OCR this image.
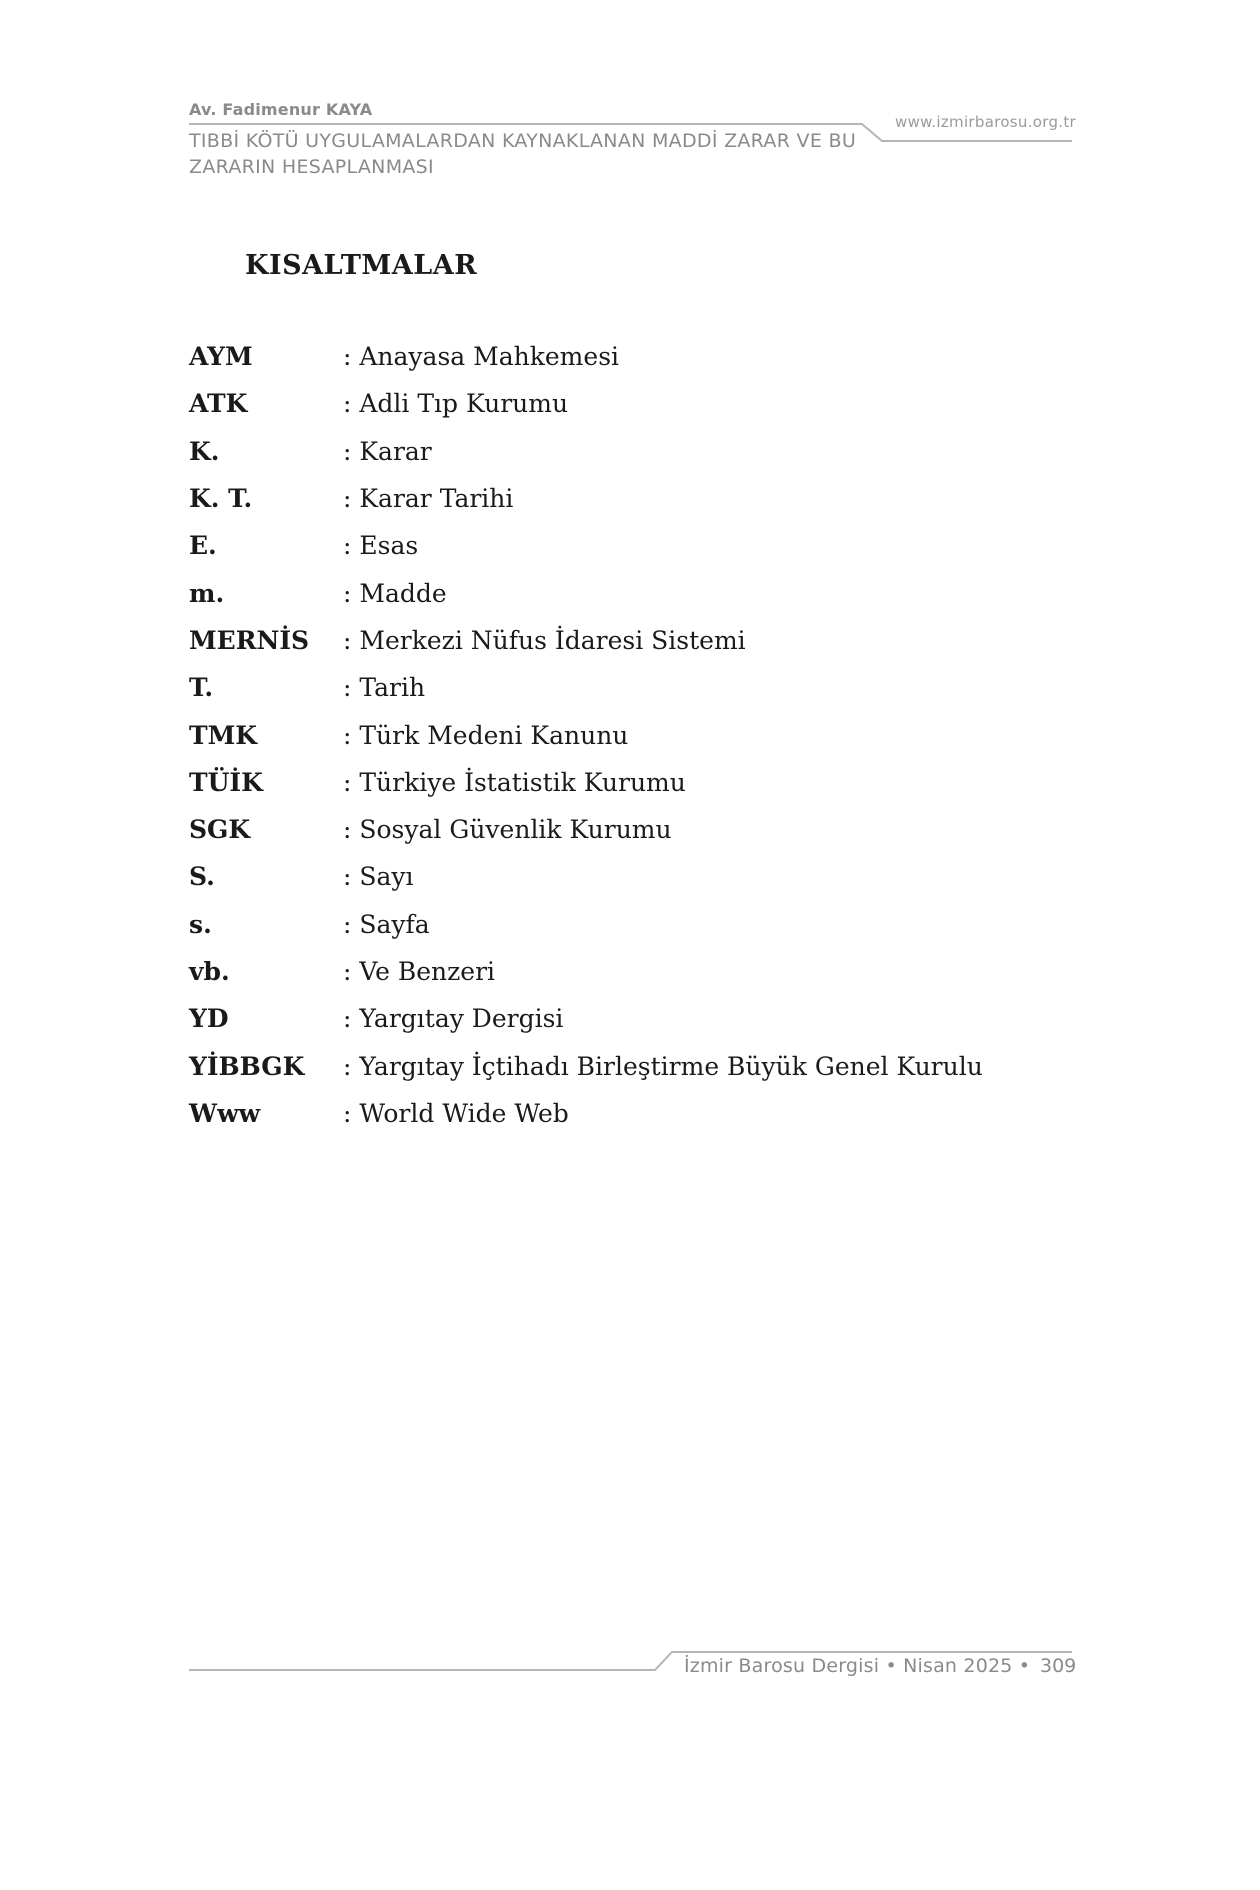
Av. Fadimenur KAYA
TIBBİ KÖTÜ UYGULAMALARDAN KAYNAKLANAN MADDİ ZARAR VE BU ZARARIN HESAPLANMASI
www.izmirbarosu.org.tr
KISALTMALAR
AYM	: Anayasa Mahkemesi
ATK	: Adli Tıp Kurumu
K.	: Karar
K. T.	: Karar Tarihi
E.	: Esas
m.	: Madde
MERNİS	: Merkezi Nüfus İdaresi Sistemi
T.	: Tarih
TMK	: Türk Medeni Kanunu
TÜİK	: Türkiye İstatistik Kurumu
SGK	: Sosyal Güvenlik Kurumu
S.	: Sayı
s.	: Sayfa
vb.	: Ve Benzeri
YD	: Yargıtay Dergisi
YİBBGK	: Yargıtay İçtihadı Birleştirme Büyük Genel Kurulu
Www	: World Wide Web
İzmir Barosu Dergisi • Nisan 2025 • 309
